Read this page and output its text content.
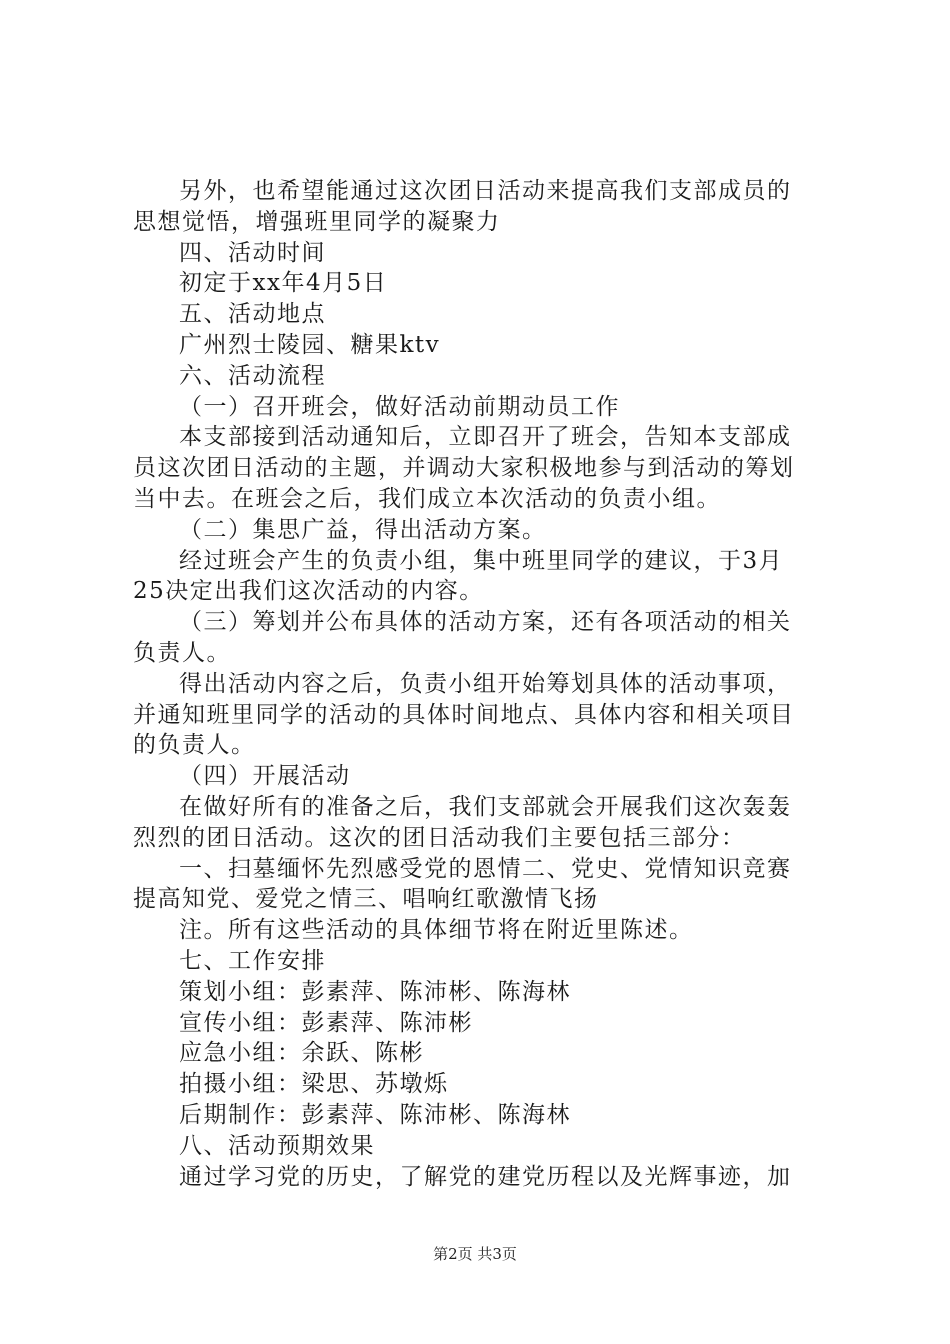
另外，也希望能通过这次团日活动来提高我们支部成员的
思想觉悟，增强班里同学的凝聚力
四、活动时间
初定于xx年4月5日
五、活动地点
广州烈士陵园、糖果ktv
六、活动流程
（一）召开班会，做好活动前期动员工作
本支部接到活动通知后，立即召开了班会，告知本支部成
员这次团日活动的主题，并调动大家积极地参与到活动的筹划
当中去。在班会之后，我们成立本次活动的负责小组。
（二）集思广益，得出活动方案。
经过班会产生的负责小组，集中班里同学的建议，于3月
25决定出我们这次活动的内容。
（三）筹划并公布具体的活动方案，还有各项活动的相关
负责人。
得出活动内容之后，负责小组开始筹划具体的活动事项，
并通知班里同学的活动的具体时间地点、具体内容和相关项目
的负责人。
（四）开展活动
在做好所有的准备之后，我们支部就会开展我们这次轰轰
烈烈的团日活动。这次的团日活动我们主要包括三部分：
一、扫墓缅怀先烈感受党的恩情二、党史、党情知识竞赛
提高知党、爱党之情三、唱响红歌激情飞扬
注。所有这些活动的具体细节将在附近里陈述。
七、工作安排
策划小组：彭素萍、陈沛彬、陈海林
宣传小组：彭素萍、陈沛彬
应急小组：余跃、陈彬
拍摄小组：梁思、苏墩烁
后期制作：彭素萍、陈沛彬、陈海林
八、活动预期效果
通过学习党的历史，了解党的建党历程以及光辉事迹，加
第2页 共3页
